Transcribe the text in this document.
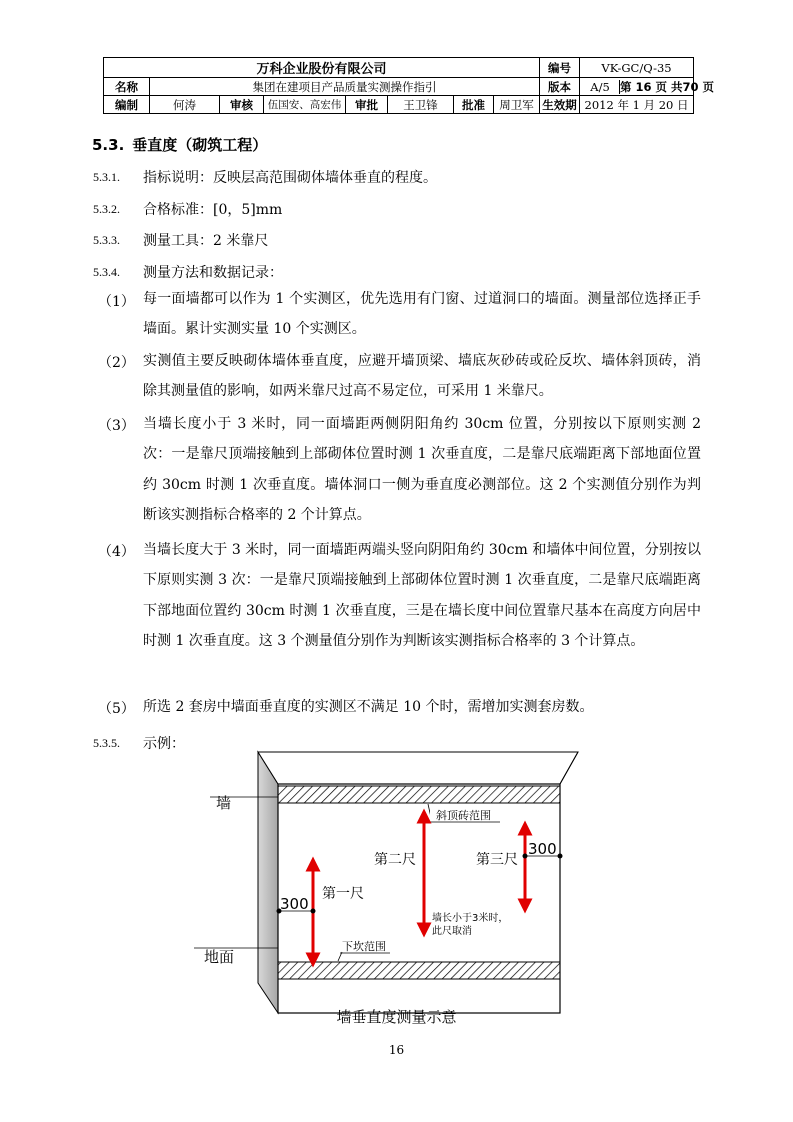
万科企业股份有限公司								编号	VK-GC/Q-35
名称	集团在建项目产品质量实测操作指引							版本	A/5 第 16 页 共70 页
编制	何涛	审核	伍国安、高宏伟	审批	王卫锋	批准	周卫军	生效期	2012 年 1 月 20 日
5.3. 垂直度（砌筑工程）
5.3.1. 指标说明：反映层高范围砌体墙体垂直的程度。
5.3.2. 合格标准：[0，5]mm
5.3.3. 测量工具：2 米靠尺
5.3.4. 测量方法和数据记录：
（1） 每一面墙都可以作为 1 个实测区，优先选用有门窗、过道洞口的墙面。测量部位选择正手墙面。累计实测实量 10 个实测区。
（2） 实测值主要反映砌体墙体垂直度，应避开墙顶梁、墙底灰砂砖或砼反坎、墙体斜顶砖，消除其测量值的影响，如两米靠尺过高不易定位，可采用 1 米靠尺。
（3） 当墙长度小于 3 米时，同一面墙距两侧阴阳角约 30cm 位置，分别按以下原则实测 2 次：一是靠尺顶端接触到上部砌体位置时测 1 次垂直度，二是靠尺底端距离下部地面位置约 30cm 时测 1 次垂直度。墙体洞口一侧为垂直度必测部位。这 2 个实测值分别作为判断该实测指标合格率的 2 个计算点。
（4） 当墙长度大于 3 米时，同一面墙距两端头竖向阴阳角约 30cm 和墙体中间位置，分别按以下原则实测 3 次：一是靠尺顶端接触到上部砌体位置时测 1 次垂直度，二是靠尺底端距离下部地面位置约 30cm 时测 1 次垂直度，三是在墙长度中间位置靠尺基本在高度方向居中时测 1 次垂直度。这 3 个测量值分别作为判断该实测指标合格率的 3 个计算点。
（5） 所选 2 套房中墙面垂直度的实测区不满足 10 个时，需增加实测套房数。
5.3.5. 示例：
墙
地面
斜顶砖范围
下坎范围
第一尺
300
第二尺
墙长小于3米时，
此尺取消
第三尺
300
墙垂直度测量示意
16
